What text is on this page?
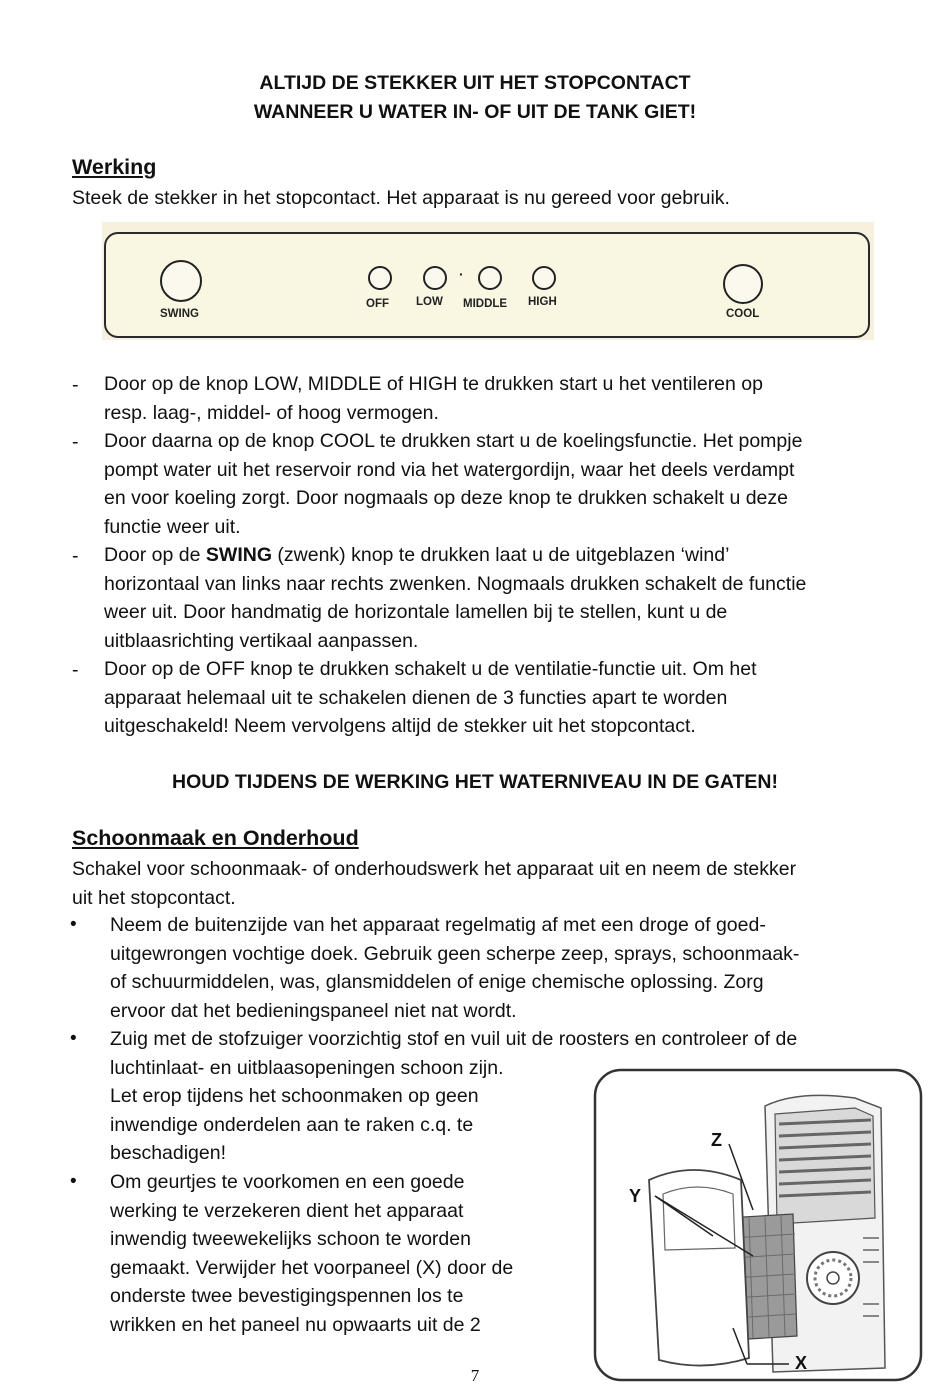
ALTIJD DE STEKKER UIT HET STOPCONTACT
WANNEER U WATER IN- OF UIT DE TANK GIET!
Werking
Steek de stekker in het stopcontact. Het apparaat is nu gereed voor gebruik.
SWING
OFF LOW
·
MIDDLE HIGH
COOL
- Door op de knop LOW, MIDDLE of HIGH te drukken start u het ventileren op
resp. laag-, middel- of hoog vermogen.
- Door daarna op de knop COOL te drukken start u de koelingsfunctie. Het pompje
pompt water uit het reservoir rond via het watergordijn, waar het deels verdampt
en voor koeling zorgt. Door nogmaals op deze knop te drukken schakelt u deze
functie weer uit.
- Door op de SWING (zwenk) knop te drukken laat u de uitgeblazen ‘wind’
horizontaal van links naar rechts zwenken. Nogmaals drukken schakelt de functie
weer uit. Door handmatig de horizontale lamellen bij te stellen, kunt u de
uitblaasrichting vertikaal aanpassen.
- Door op de OFF knop te drukken schakelt u de ventilatie-functie uit. Om het
apparaat helemaal uit te schakelen dienen de 3 functies apart te worden
uitgeschakeld! Neem vervolgens altijd de stekker uit het stopcontact.
HOUD TIJDENS DE WERKING HET WATERNIVEAU IN DE GATEN!
Schoonmaak en Onderhoud
Schakel voor schoonmaak- of onderhoudswerk het apparaat uit en neem de stekker
uit het stopcontact.
• Neem de buitenzijde van het apparaat regelmatig af met een droge of goed-
uitgewrongen vochtige doek. Gebruik geen scherpe zeep, sprays, schoonmaak-
of schuurmiddelen, was, glansmiddelen of enige chemische oplossing. Zorg
ervoor dat het bedieningspaneel niet nat wordt.
• Zuig met de stofzuiger voorzichtig stof en vuil uit de roosters en controleer of de
luchtinlaat- en uitblaasopeningen schoon zijn.
Let erop tijdens het schoonmaken op geen
inwendige onderdelen aan te raken c.q. te
beschadigen!
• Om geurtjes te voorkomen en een goede
werking te verzekeren dient het apparaat
inwendig tweewekelijks schoon te worden
gemaakt. Verwijder het voorpaneel (X) door de
onderste twee bevestigingspennen los te
wrikken en het paneel nu opwaarts uit de 2
Z
Y
X
7
